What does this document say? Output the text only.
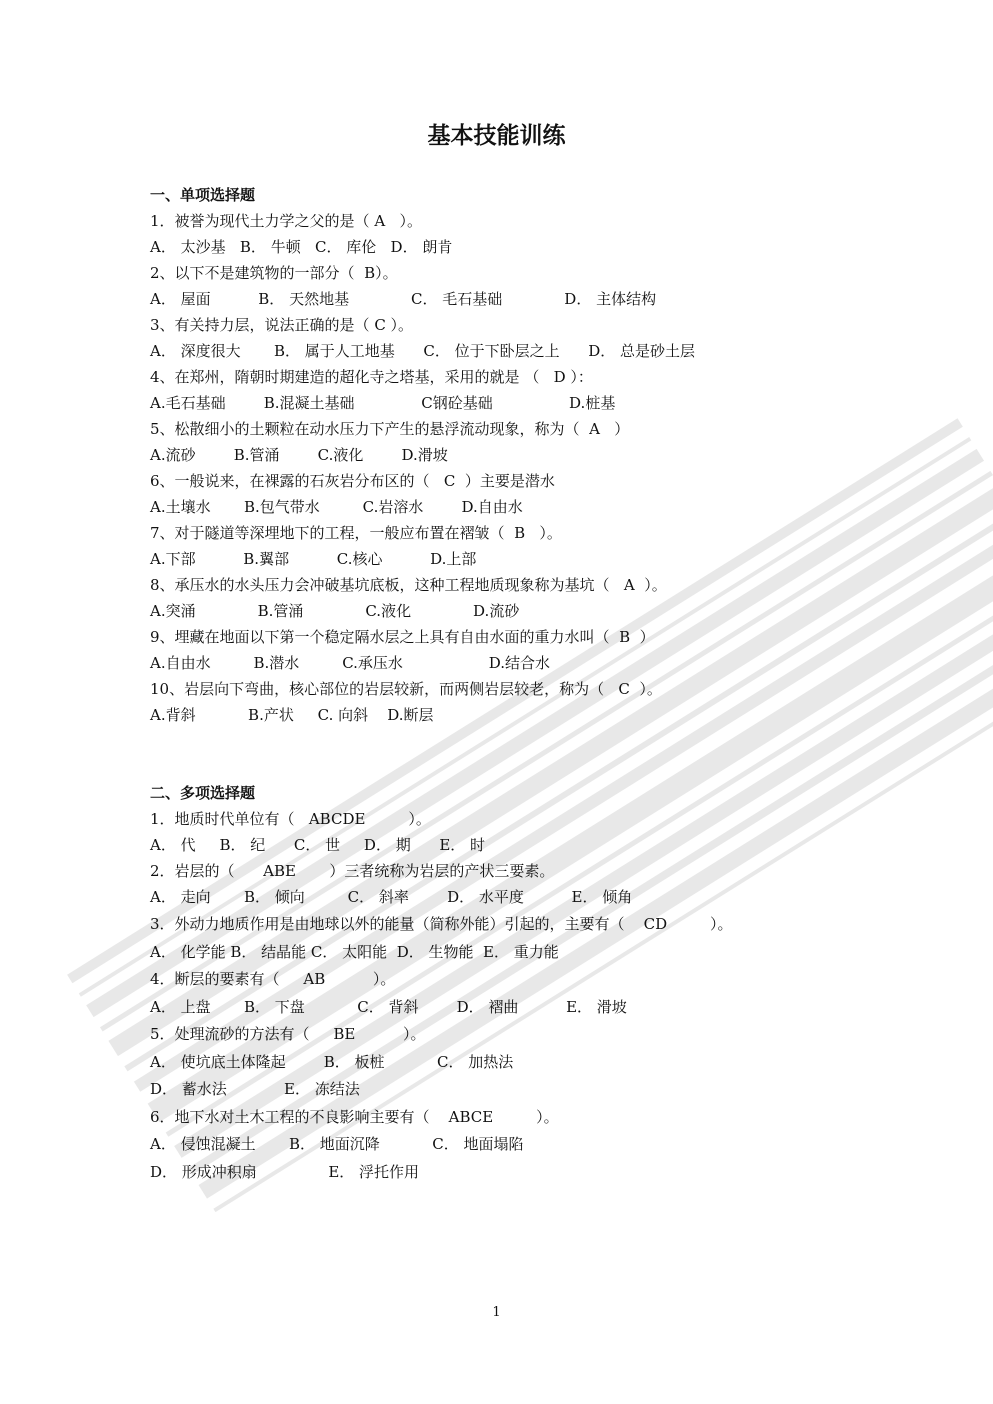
基本技能训练
一、单项选择题
1．被誉为现代土力学之父的是（ A   ）。
A． 太沙基   B． 牛顿   C． 库伦   D． 朗肯
2、以下不是建筑物的一部分（  B）。
A． 屋面          B． 天然地基             C． 毛石基础             D． 主体结构
3、有关持力层，说法正确的是（ C ）。
A． 深度很大       B． 属于人工地基      C． 位于下卧层之上      D． 总是砂土层
4、在郑州，隋朝时期建造的超化寺之塔基，采用的就是 （   D ）：
A.毛石基础        B.混凝土基础              C钢砼基础                D.桩基
5、松散细小的土颗粒在动水压力下产生的悬浮流动现象，称为（  A   ）
A.流砂        B.管涌        C.液化        D.滑坡
6、一般说来，在裸露的石灰岩分布区的（   C  ）主要是潜水
A.土壤水       B.包气带水         C.岩溶水        D.自由水
7、对于隧道等深埋地下的工程，一般应布置在褶皱（  B   ）。
A.下部          B.翼部          C.核心          D.上部
8、承压水的水头压力会冲破基坑底板，这种工程地质现象称为基坑（   A  ）。
A.突涌             B.管涌             C.液化             D.流砂
9、埋藏在地面以下第一个稳定隔水层之上具有自由水面的重力水叫（  B  ）
A.自由水         B.潜水         C.承压水                  D.结合水
10、岩层向下弯曲，核心部位的岩层较新，而两侧岩层较老，称为（   C  ）。
A.背斜           B.产状     C. 向斜    D.断层
二、多项选择题
1．地质时代单位有（   ABCDE         ）。
A． 代     B． 纪      C． 世     D． 期      E． 时
2．岩层的（      ABE       ）三者统称为岩层的产状三要素。
A． 走向       B． 倾向         C． 斜率        D． 水平度          E． 倾角
3．外动力地质作用是由地球以外的能量（简称外能）引起的，主要有（    CD         ）。
A． 化学能 B． 结晶能 C． 太阳能  D． 生物能  E． 重力能
4．断层的要素有（     AB          ）。
A． 上盘       B． 下盘           C． 背斜        D． 褶曲          E． 滑坡
5．处理流砂的方法有（     BE          ）。
A． 使坑底土体隆起        B． 板桩           C． 加热法
D． 蓄水法            E． 冻结法
6．地下水对土木工程的不良影响主要有（    ABCE         ）。
A． 侵蚀混凝土       B． 地面沉降           C． 地面塌陷
D． 形成冲积扇               E． 浮托作用
1
